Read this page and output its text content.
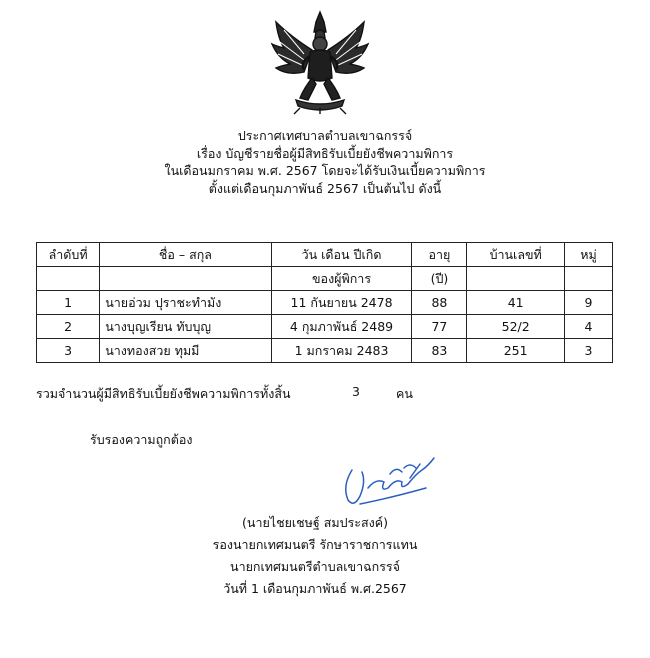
ประกาศเทศบาลตำบลเขาฉกรรจ์
เรื่อง บัญชีรายชื่อผู้มีสิทธิรับเบี้ยยังชีพความพิการ
ในเดือนมกราคม พ.ศ. 2567 โดยจะได้รับเงินเบี้ยความพิการ
ตั้งแต่เดือนกุมภาพันธ์ 2567 เป็นต้นไป ดังนี้
ลำดับที่	ชื่อ – สกุล	วัน เดือน ปีเกิด	อายุ	บ้านเลขที่	หมู่
		ของผู้พิการ	(ปี)		
1	นายอ่วม ปุราชะทำมัง	11 กันยายน 2478	88	41	9
2	นางบุญเรียน ทับบุญ	4 กุมภาพันธ์ 2489	77	52/2	4
3	นางทองสวย ทุมมี	1 มกราคม 2483	83	251	3
รวมจำนวนผู้มีสิทธิรับเบี้ยยังชีพความพิการทั้งสิ้น	3	คน
รับรองความถูกต้อง
(นายไชยเชษฐ์ สมประสงค์)
รองนายกเทศมนตรี รักษาราชการแทน
นายกเทศมนตรีตำบลเขาฉกรรจ์
วันที่ 1 เดือนกุมภาพันธ์ พ.ศ.2567
